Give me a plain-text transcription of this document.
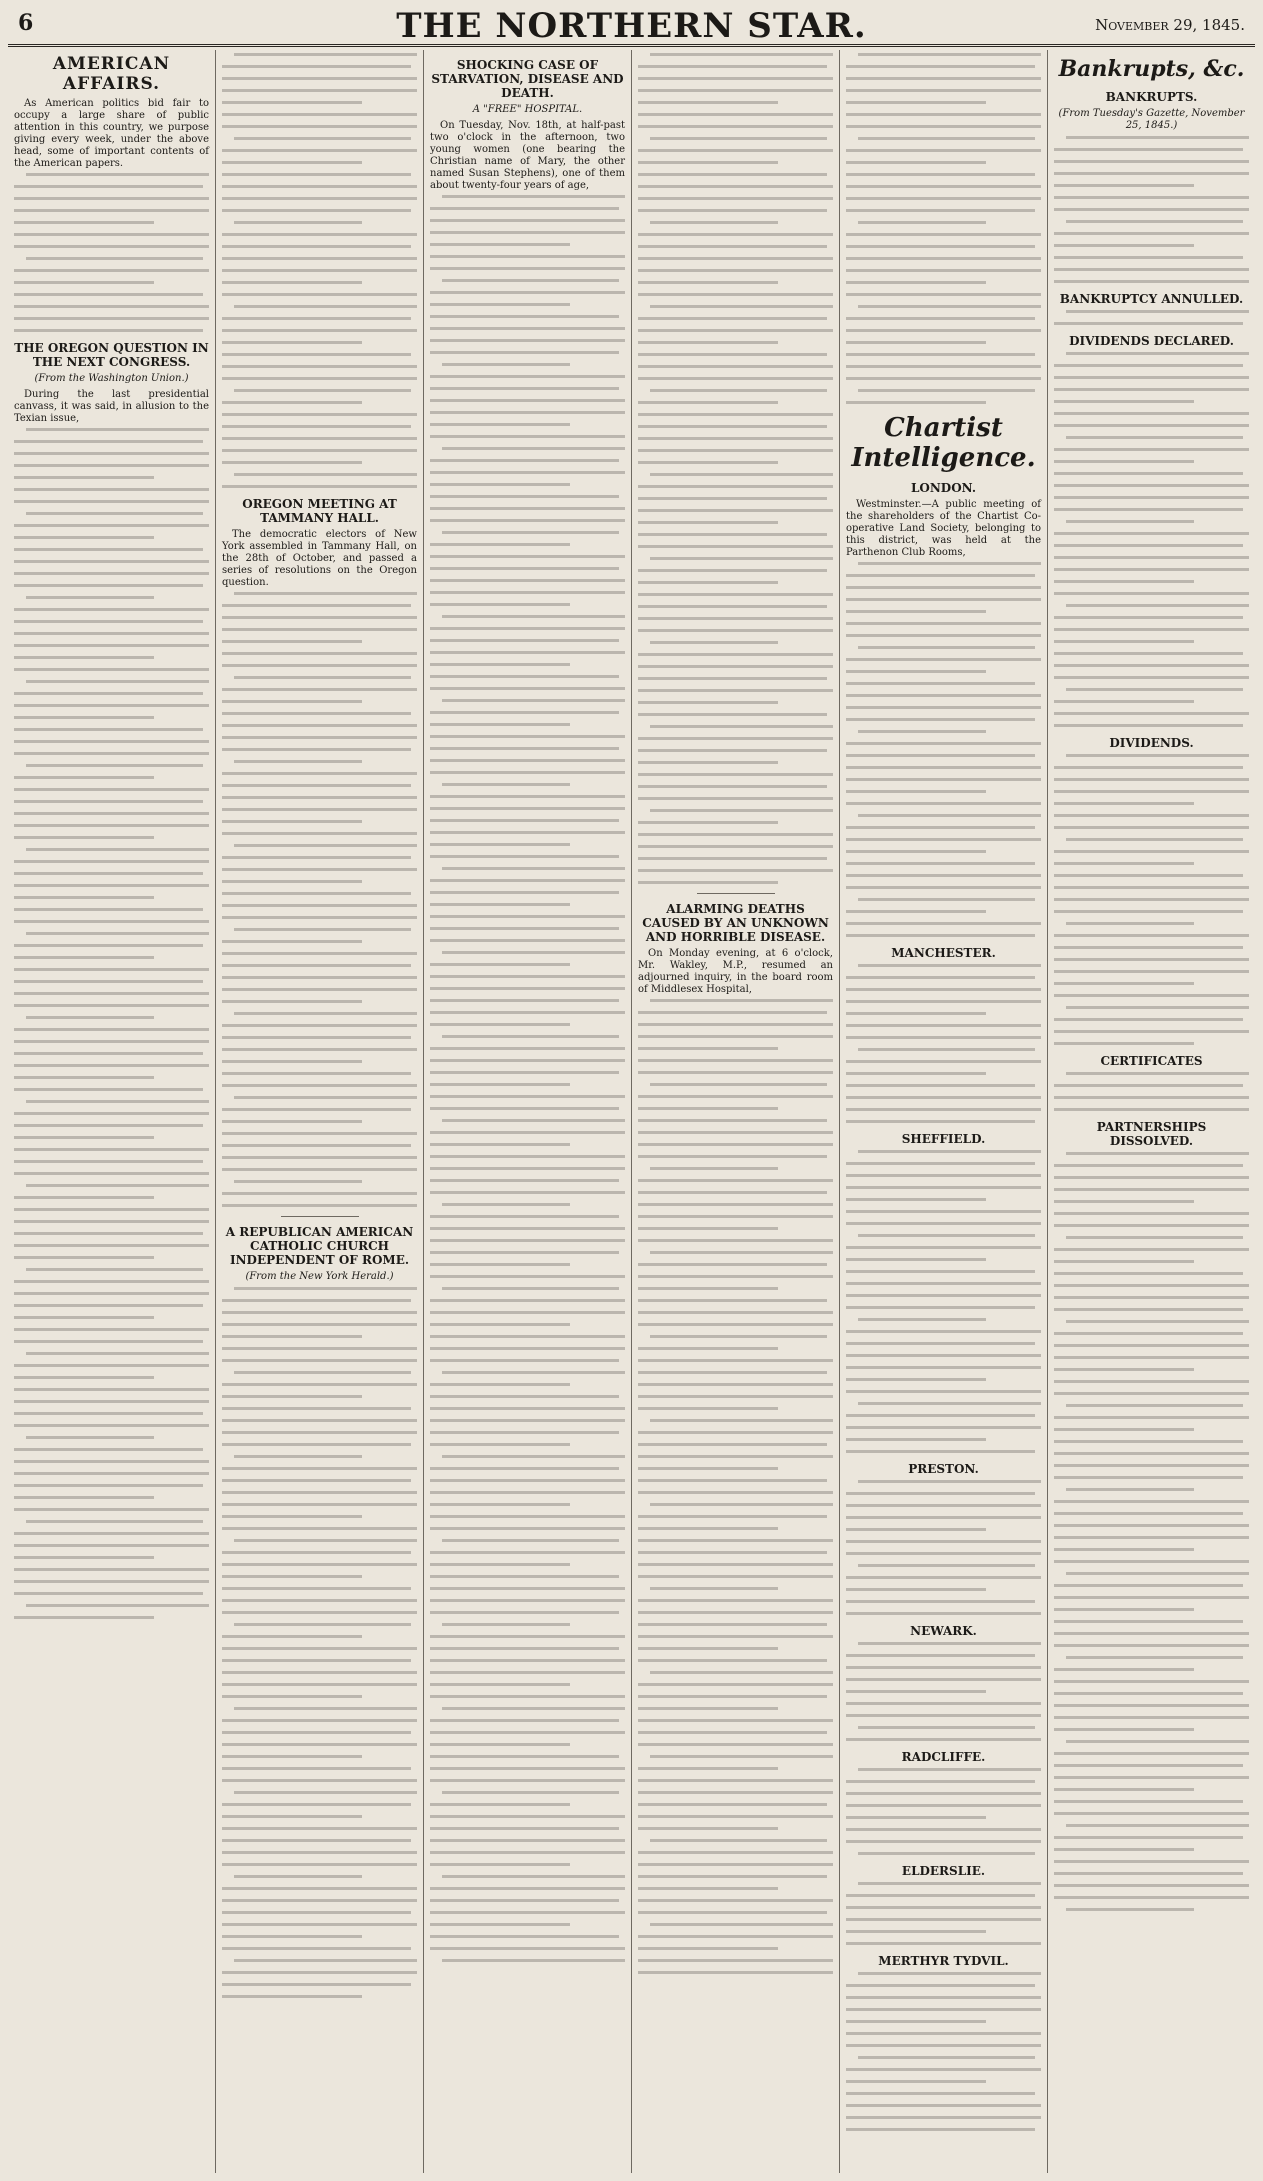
6	THE NORTHERN STAR.	November 29, 1845.
AMERICAN AFFAIRS.
As American politics bid fair to occupy a large share of public attention in this country, we purpose giving every week, under the above head, some of important contents of the American papers.
THE OREGON QUESTION IN THE NEXT CONGRESS.
(From the Washington Union.)
During the last presidential canvass, it was said, in allusion to the Texian issue,
OREGON MEETING AT TAMMANY HALL.
The democratic electors of New York assembled in Tammany Hall, on the 28th of October, and passed a series of resolutions on the Oregon question.
A REPUBLICAN AMERICAN CATHOLIC CHURCH INDEPENDENT OF ROME.
(From the New York Herald.)
SHOCKING CASE OF STARVATION, DISEASE AND DEATH.
A "FREE" HOSPITAL.
On Tuesday, Nov. 18th, at half-past two o'clock in the afternoon, two young women (one bearing the Christian name of Mary, the other named Susan Stephens), one of them about twenty-four years of age,
ALARMING DEATHS CAUSED BY AN UNKNOWN AND HORRIBLE DISEASE.
On Monday evening, at 6 o'clock, Mr. Wakley, M.P., resumed an adjourned inquiry, in the board room of Middlesex Hospital,
Chartist Intelligence.
LONDON.
Westminster.—A public meeting of the shareholders of the Chartist Co-operative Land Society, belonging to this district, was held at the Parthenon Club Rooms,
MANCHESTER.
SHEFFIELD.
PRESTON.
NEWARK.
RADCLIFFE.
ELDERSLIE.
MERTHYR TYDVIL.
Bankrupts, &c.
BANKRUPTS.
(From Tuesday's Gazette, November 25, 1845.)
BANKRUPTCY ANNULLED.
DIVIDENDS DECLARED.
DIVIDENDS.
CERTIFICATES
PARTNERSHIPS DISSOLVED.
